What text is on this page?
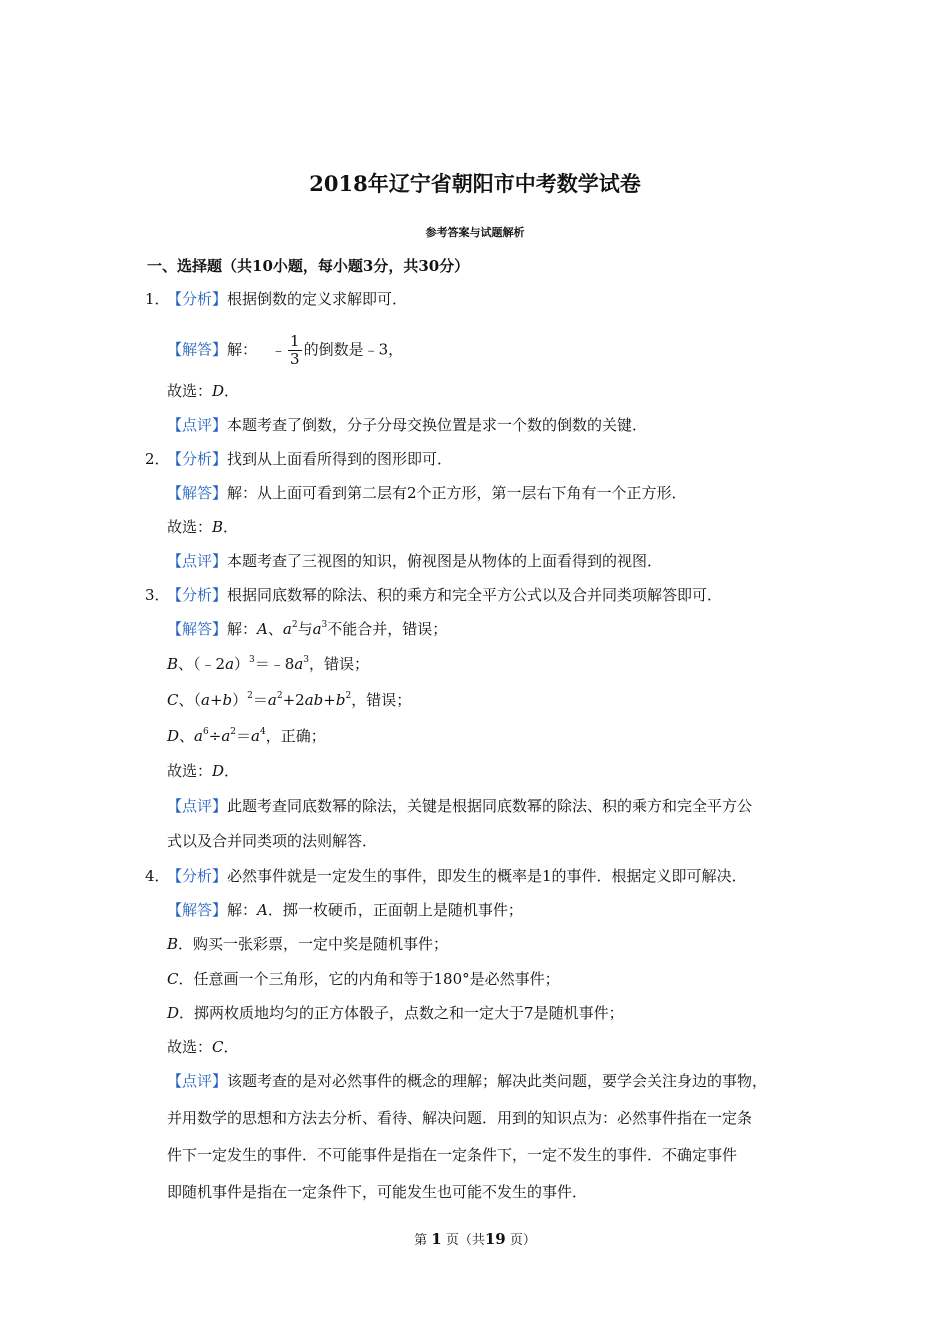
2018年辽宁省朝阳市中考数学试卷
参考答案与试题解析
一、选择题（共10小题，每小题3分，共30分）
1．【分析】根据倒数的定义求解即可．
【解答】解： ﹣ $\frac{1}{3}$ 的倒数是﹣3，
故选：D．
【点评】本题考查了倒数，分子分母交换位置是求一个数的倒数的关键．
2．【分析】找到从上面看所得到的图形即可．
【解答】解：从上面可看到第二层有2个正方形，第一层右下角有一个正方形．
故选：B．
【点评】本题考查了三视图的知识，俯视图是从物体的上面看得到的视图．
3．【分析】根据同底数幂的除法、积的乘方和完全平方公式以及合并同类项解答即可．
【解答】解：A、$a^2$与$a^3$不能合并，错误；
B、$(﹣2a)^3=﹣8a^3$，错误；
C、$(a+b)^2=a^2+2ab+b^2$，错误；
D、$a^6\div a^2=a^4$，正确；
故选：D．
【点评】此题考查同底数幂的除法，关键是根据同底数幂的除法、积的乘方和完全平方公
式以及合并同类项的法则解答．
4．【分析】必然事件就是一定发生的事件，即发生的概率是1的事件．根据定义即可解决．
【解答】解：A．掷一枚硬币，正面朝上是随机事件；
B．购买一张彩票，一定中奖是随机事件；
C．任意画一个三角形，它的内角和等于180°是必然事件；
D．掷两枚质地均匀的正方体骰子，点数之和一定大于7是随机事件；
故选：C．
【点评】该题考查的是对必然事件的概念的理解；解决此类问题，要学会关注身边的事物，
并用数学的思想和方法去分析、看待、解决问题．用到的知识点为：必然事件指在一定条
件下一定发生的事件．不可能事件是指在一定条件下，一定不发生的事件．不确定事件
即随机事件是指在一定条件下，可能发生也可能不发生的事件．
第 1 页（共19 页）
